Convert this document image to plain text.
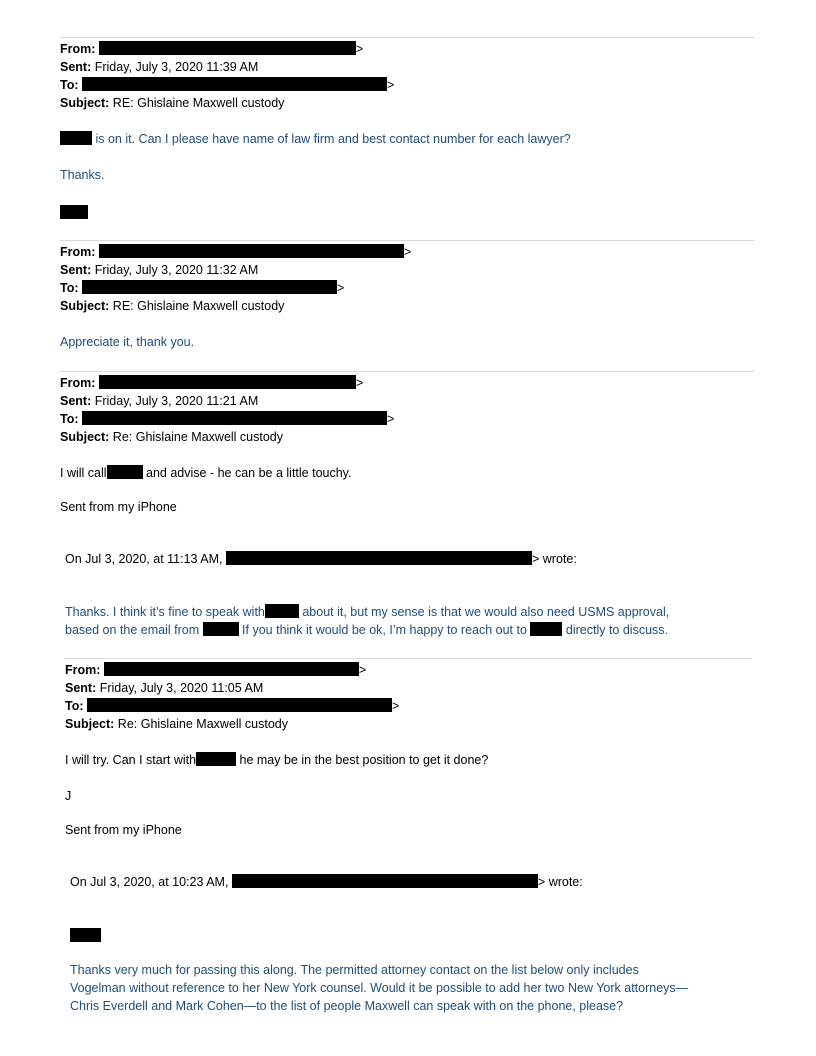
From:	>
Sent: Friday, July 3, 2020 11:39 AM
To:	>
Subject: RE: Ghislaine Maxwell custody
is on it. Can I please have name of law firm and best contact number for each lawyer?
Thanks.
From:	>
Sent: Friday, July 3, 2020 11:32 AM
To:	>
Subject: RE: Ghislaine Maxwell custody
Appreciate it, thank you.
From:	>
Sent: Friday, July 3, 2020 11:21 AM
To:	>
Subject: Re: Ghislaine Maxwell custody
I will call	and advise - he can be a little touchy.
Sent from my iPhone
On Jul 3, 2020, at 11:13 AM,	> wrote:
Thanks. I think it’s fine to speak with	about it, but my sense is that we would also need USMS approval,
based on the email from	If you think it would be ok, I’m happy to reach out to	directly to discuss.
From:	>
Sent: Friday, July 3, 2020 11:05 AM
To:	>
Subject: Re: Ghislaine Maxwell custody
I will try. Can I start with	he may be in the best position to get it done?
J
Sent from my iPhone
On Jul 3, 2020, at 10:23 AM,	> wrote:
Thanks very much for passing this along. The permitted attorney contact on the list below only includes
Vogelman without reference to her New York counsel. Would it be possible to add her two New York attorneys—
Chris Everdell and Mark Cohen—to the list of people Maxwell can speak with on the phone, please?
